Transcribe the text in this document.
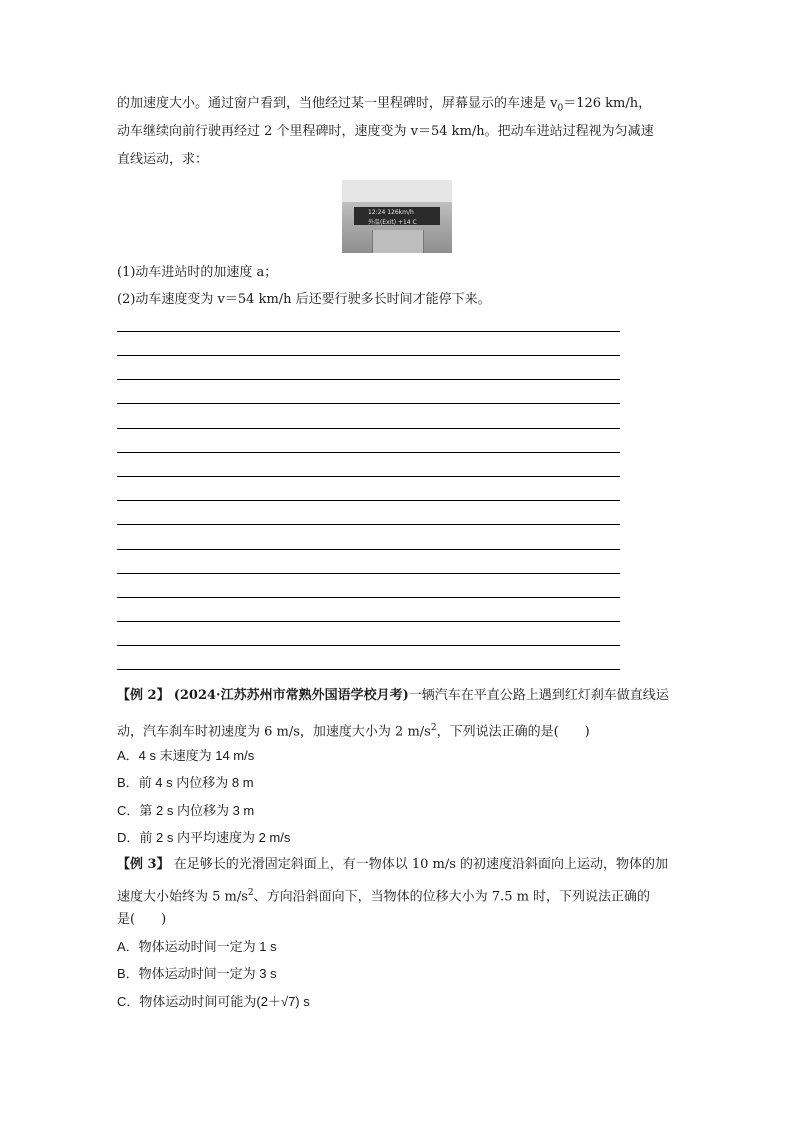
的加速度大小。通过窗户看到，当他经过某一里程碑时，屏幕显示的车速是 $v_0=126$ km/h，
动车继续向前行驶再经过 2 个里程碑时，速度变为 v＝54 km/h。把动车进站过程视为匀减速
直线运动，求：
12:24 126km/h
外温(Exit) +14 C
(1)动车进站时的加速度 a；
(2)动车速度变为 v＝54 km/h 后还要行驶多长时间才能停下来。
【例 2】 (2024·江苏苏州市常熟外国语学校月考)一辆汽车在平直公路上遇到红灯刹车做直线运
动，汽车刹车时初速度为 6 m/s，加速度大小为 2 $m/s^2$，下列说法正确的是(　　)
A．4 s 末速度为 14 m/s
B．前 4 s 内位移为 8 m
C．第 2 s 内位移为 3 m
D．前 2 s 内平均速度为 2 m/s
【例 3】 在足够长的光滑固定斜面上，有一物体以 10 m/s 的初速度沿斜面向上运动，物体的加
速度大小始终为 5 $m/s^2$、方向沿斜面向下，当物体的位移大小为 7.5 m 时，下列说法正确的
是(　　)
A．物体运动时间一定为 1 s
B．物体运动时间一定为 3 s
C．物体运动时间可能为(2＋√7) s
